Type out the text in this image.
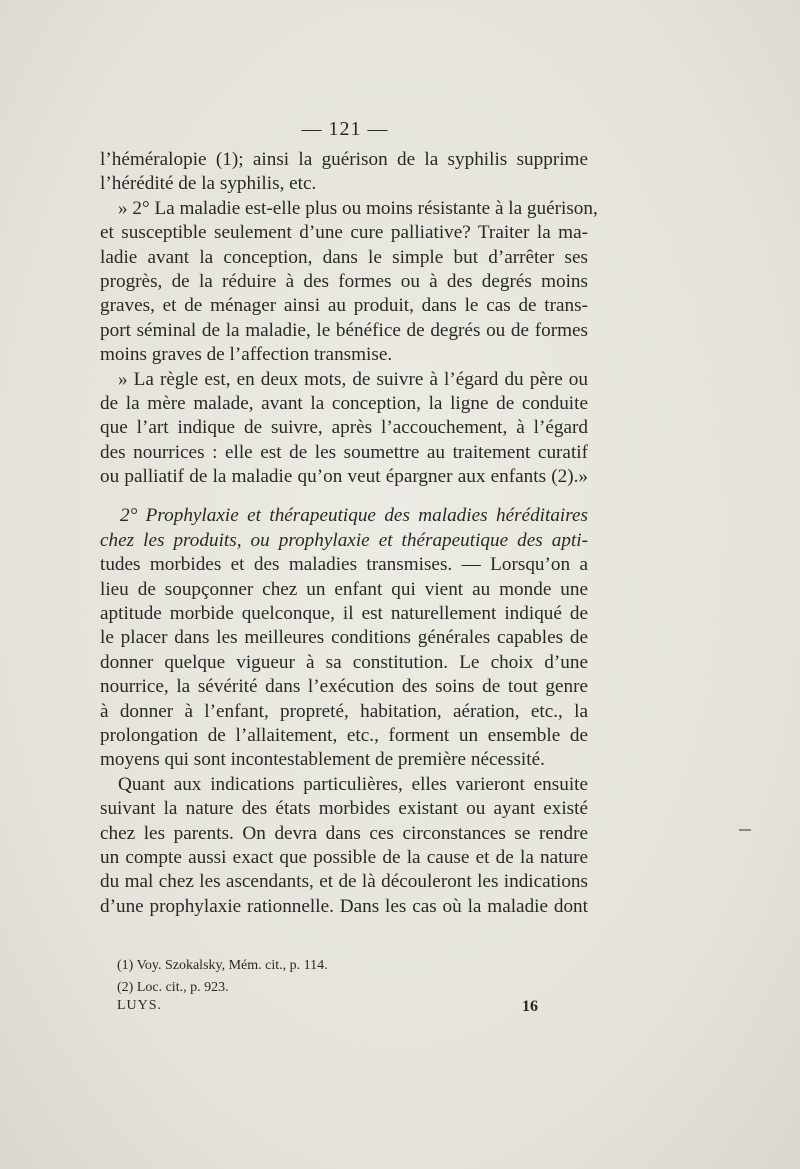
— 121 —
l’héméralopie (1); ainsi la guérison de la syphilis supprime
l’hérédité de la syphilis, etc.
» 2° La maladie est-elle plus ou moins résistante à la guérison,
et susceptible seulement d’une cure palliative? Traiter la ma-
ladie avant la conception, dans le simple but d’arrêter ses
progrès, de la réduire à des formes ou à des degrés moins
graves, et de ménager ainsi au produit, dans le cas de trans-
port séminal de la maladie, le bénéfice de degrés ou de formes
moins graves de l’affection transmise.
» La règle est, en deux mots, de suivre à l’égard du père ou
de la mère malade, avant la conception, la ligne de conduite
que l’art indique de suivre, après l’accouchement, à l’égard
des nourrices : elle est de les soumettre au traitement curatif
ou palliatif de la maladie qu’on veut épargner aux enfants (2).»
2° Prophylaxie et thérapeutique des maladies héréditaires
chez les produits, ou prophylaxie et thérapeutique des apti-
tudes morbides et des maladies transmises. — Lorsqu’on a
lieu de soupçonner chez un enfant qui vient au monde une
aptitude morbide quelconque, il est naturellement indiqué de
le placer dans les meilleures conditions générales capables de
donner quelque vigueur à sa constitution. Le choix d’une
nourrice, la sévérité dans l’exécution des soins de tout genre
à donner à l’enfant, propreté, habitation, aération, etc., la
prolongation de l’allaitement, etc., forment un ensemble de
moyens qui sont incontestablement de première nécessité.
Quant aux indications particulières, elles varieront ensuite
suivant la nature des états morbides existant ou ayant existé
chez les parents. On devra dans ces circonstances se rendre
un compte aussi exact que possible de la cause et de la nature
du mal chez les ascendants, et de là découleront les indications
d’une prophylaxie rationnelle. Dans les cas où la maladie dont
(1) Voy. Szokalsky, Mém. cit., p. 114.
(2) Loc. cit., p. 923.
LUYS.	16
